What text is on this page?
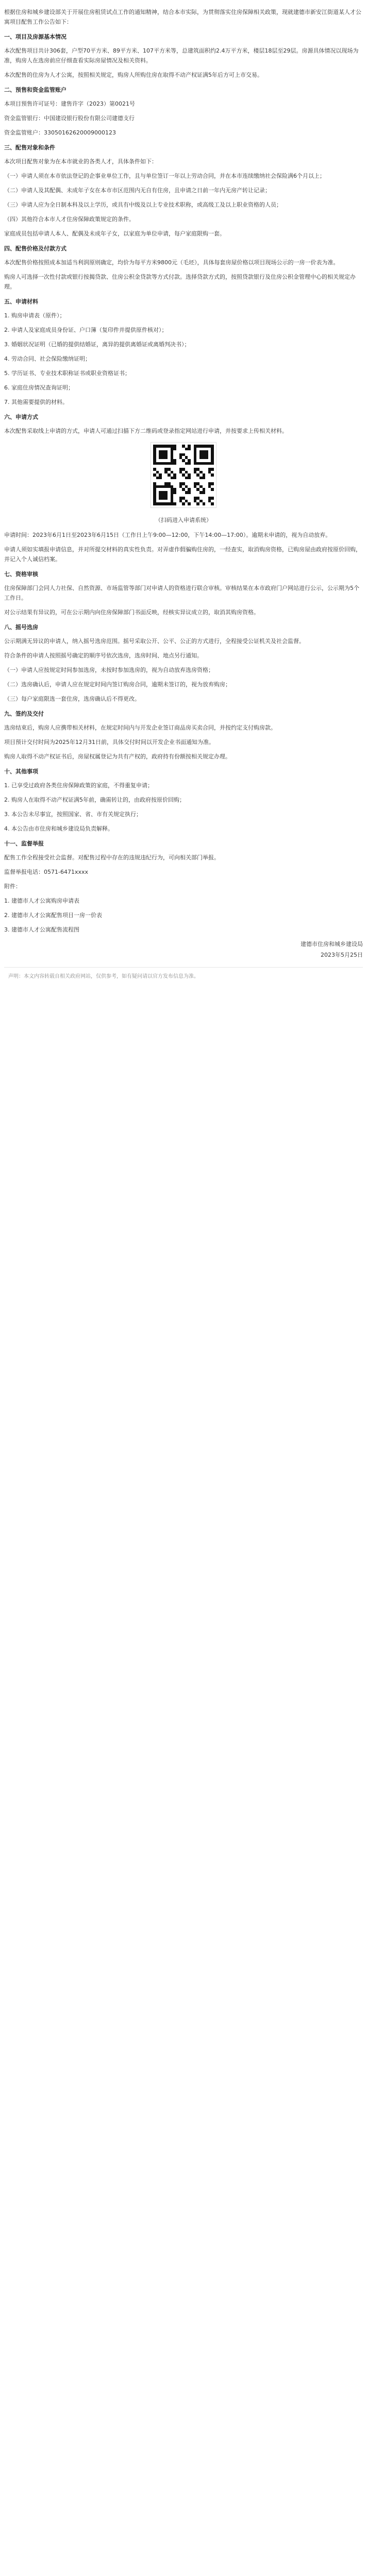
根据住房和城乡建设部关于开展住房租赁试点工作的通知精神，结合本市实际，为贯彻落实住房保障相关政策，现就建德市新安江街道某人才公寓项目配售工作公告如下：

一、项目及房源基本情况

本次配售项目共计306套，户型70平方米、89平方米、107平方米等，总建筑面积约2.4万平方米，楼层18层至29层。房源具体情况以现场为准，购房人在选房前应仔细查看实际房屋情况及相关资料。

本次配售的住房为人才公寓，按照相关规定，购房人所购住房在取得不动产权证满5年后方可上市交易。

二、预售和资金监管账户

本项目预售许可证号：建售许字（2023）第0021号

资金监管银行：中国建设银行股份有限公司建德支行

资金监管账户：33050162620009000123

三、配售对象和条件

本次项目配售对象为在本市就业的各类人才，具体条件如下：

（一）申请人须在本市依法登记的企事业单位工作，且与单位签订一年以上劳动合同，并在本市连续缴纳社会保险满6个月以上；

（二）申请人及其配偶、未成年子女在本市市区范围内无自有住房，且申请之日前一年内无房产转让记录；

（三）申请人应为全日制本科及以上学历，或具有中级及以上专业技术职称，或高级工及以上职业资格的人员；

（四）其他符合本市人才住房保障政策规定的条件。

家庭成员包括申请人本人、配偶及未成年子女，以家庭为单位申请，每户家庭限购一套。

四、配售价格及付款方式

本次配售价格按照成本加适当利润原则确定，均价为每平方米9800元（毛坯），具体每套房屋价格以项目现场公示的一房一价表为准。

购房人可选择一次性付款或银行按揭贷款、住房公积金贷款等方式付款。选择贷款方式的，按照贷款银行及住房公积金管理中心的相关规定办理。

五、申请材料

1. 购房申请表（原件）；

2. 申请人及家庭成员身份证、户口簿（复印件并提供原件核对）；

3. 婚姻状况证明（已婚的提供结婚证，离异的提供离婚证或离婚判决书）；

4. 劳动合同、社会保险缴纳证明；

5. 学历证书、专业技术职称证书或职业资格证书；

6. 家庭住房情况查询证明；

7. 其他需要提供的材料。

六、申请方式

本次配售采取线上申请的方式，申请人可通过扫描下方二维码或登录指定网站进行申请，并按要求上传相关材料。

（扫码进入申请系统）

申请时间：2023年6月1日至2023年6月15日（工作日上午9:00—12:00，下午14:00—17:00）。逾期未申请的，视为自动放弃。

申请人须如实填报申请信息，并对所提交材料的真实性负责。对弄虚作假骗购住房的，一经查实，取消购房资格，已购房屋由政府按原价回购，并记入个人诚信档案。

七、资格审核

住房保障部门会同人力社保、自然资源、市场监管等部门对申请人的资格进行联合审核。审核结果在本市政府门户网站进行公示，公示期为5个工作日。

对公示结果有异议的，可在公示期内向住房保障部门书面反映，经核实异议成立的，取消其购房资格。

八、摇号选房

公示期满无异议的申请人，纳入摇号选房范围。摇号采取公开、公平、公正的方式进行，全程接受公证机关及社会监督。

符合条件的申请人按照摇号确定的顺序号依次选房，选房时间、地点另行通知。

（一）申请人应按规定时间参加选房，未按时参加选房的，视为自动放弃选房资格；

（二）选房确认后，申请人应在规定时间内签订购房合同，逾期未签订的，视为放弃购房；

（三）每户家庭限选一套住房，选房确认后不得更改。

九、签约及交付

选房结束后，购房人应携带相关材料，在规定时间内与开发企业签订商品房买卖合同，并按约定支付购房款。

项目预计交付时间为2025年12月31日前，具体交付时间以开发企业书面通知为准。

购房人取得不动产权证书后，房屋权属登记为共有产权的，政府持有份额按相关规定办理。

十、其他事项

1. 已享受过政府各类住房保障政策的家庭，不得重复申请；

2. 购房人在取得不动产权证满5年前，确需转让的，由政府按原价回购；

3. 本公告未尽事宜，按照国家、省、市有关规定执行；

4. 本公告由市住房和城乡建设局负责解释。

十一、监督举报

配售工作全程接受社会监督。对配售过程中存在的违规违纪行为，可向相关部门举报。

监督举报电话：0571-6471xxxx

附件：

1. 建德市人才公寓购房申请表

2. 建德市人才公寓配售项目一房一价表

3. 建德市人才公寓配售流程图

建德市住房和城乡建设局

2023年5月25日

声明：本文内容转载自相关政府网站，仅供参考，如有疑问请以官方发布信息为准。
